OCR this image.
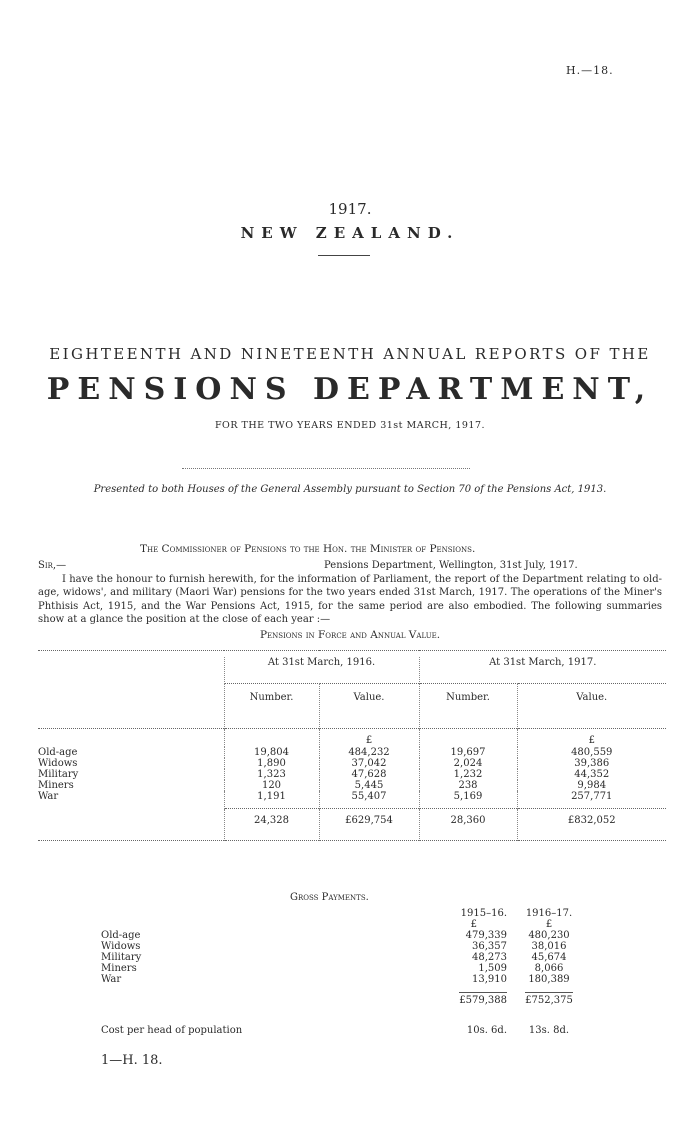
H.—18.
1917.
NEW ZEALAND.
EIGHTEENTH AND NINETEENTH ANNUAL REPORTS OF THE
PENSIONS DEPARTMENT,
FOR THE TWO YEARS ENDED 31st MARCH, 1917.
Presented to both Houses of the General Assembly pursuant to Section 70 of the Pensions Act, 1913.
The Commissioner of Pensions to the Hon. the Minister of Pensions.
Sir,—	Pensions Department, Wellington, 31st July, 1917.
I have the honour to furnish herewith, for the information of Parliament, the report of the Department relating to old-age, widows', and military (Maori War) pensions for the two years ended 31st March, 1917. The operations of the Miner's Phthisis Act, 1915, and the War Pensions Act, 1915, for the same period are also embodied. The following summaries show at a glance the position at the close of each year :—
Pensions in Force and Annual Value.

	At 31st March, 1916.		At 31st March, 1917.	
	Number.	Value.	Number.	Value.
		£		£
Old-age	19,804	484,232	19,697	480,559
Widows	1,890	37,042	2,024	39,386
Military	1,323	47,628	1,232	44,352
Miners	120	5,445	238	9,984
War	1,191	55,407	5,169	257,771
	24,328	£629,754	28,360	£832,052

Gross Payments.
	1915–16.	1916–17.
	£	£
Old-age	479,339	480,230
Widows	36,357	38,016
Military	48,273	45,674
Miners	1,509	8,066
War	13,910	180,389
	£579,388	£752,375
Cost per head of population	10s. 6d.	13s. 8d.
1—H. 18.
